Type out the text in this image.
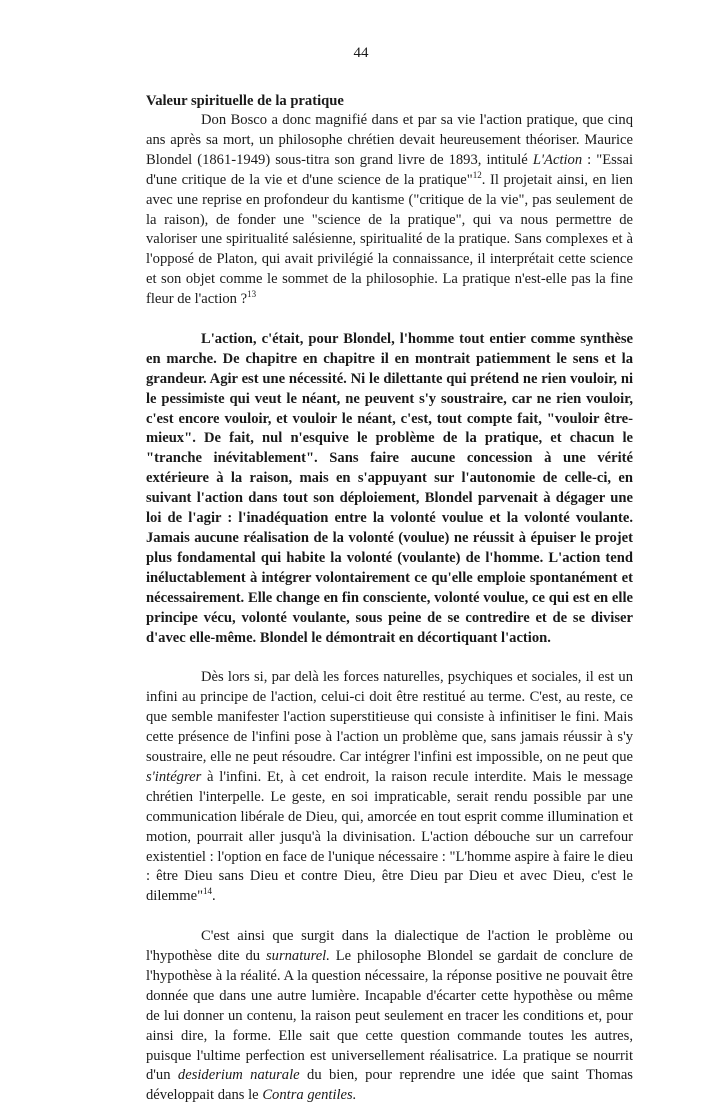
44
Valeur spirituelle de la pratique

Don Bosco a donc magnifié dans et par sa vie l'action pratique, que cinq ans après sa mort, un philosophe chrétien devait heureusement théoriser. Maurice Blondel (1861-1949) sous-titra son grand livre de 1893, intitulé L'Action : "Essai d'une critique de la vie et d'une science de la pratique"$^{12}$. Il projetait ainsi, en lien avec une reprise en profondeur du kantisme ("critique de la vie", pas seulement de la raison), de fonder une "science de la pratique", qui va nous permettre de valoriser une spiritualité salésienne, spiritualité de la pratique. Sans complexes et à l'opposé de Platon, qui avait privilégié la connaissance, il interprétait cette science et son objet comme le sommet de la philosophie. La pratique n'est-elle pas la fine fleur de l'action ?$^{13}$

L'action, c'était, pour Blondel, l'homme tout entier comme synthèse en marche. De chapitre en chapitre il en montrait patiemment le sens et la grandeur. Agir est une nécessité. Ni le dilettante qui prétend ne rien vouloir, ni le pessimiste qui veut le néant, ne peuvent s'y soustraire, car ne rien vouloir, c'est encore vouloir, et vouloir le néant, c'est, tout compte fait, "vouloir être-mieux". De fait, nul n'esquive le problème de la pratique, et chacun le "tranche inévitablement". Sans faire aucune concession à une vérité extérieure à la raison, mais en s'appuyant sur l'autonomie de celle-ci, en suivant l'action dans tout son déploiement, Blondel parvenait à dégager une loi de l'agir : l'inadéquation entre la volonté voulue et la volonté voulante. Jamais aucune réalisation de la volonté (voulue) ne réussit à épuiser le projet plus fondamental qui habite la volonté (voulante) de l'homme. L'action tend inéluctablement à intégrer volontairement ce qu'elle emploie spontanément et nécessairement. Elle change en fin consciente, volonté voulue, ce qui est en elle principe vécu, volonté voulante, sous peine de se contredire et de se diviser d'avec elle-même. Blondel le démontrait en décortiquant l'action.

Dès lors si, par delà les forces naturelles, psychiques et sociales, il est un infini au principe de l'action, celui-ci doit être restitué au terme. C'est, au reste, ce que semble manifester l'action superstitieuse qui consiste à infinitiser le fini. Mais cette présence de l'infini pose à l'action un problème que, sans jamais réussir à s'y soustraire, elle ne peut résoudre. Car intégrer l'infini est impossible, on ne peut que s'intégrer à l'infini. Et, à cet endroit, la raison recule interdite. Mais le message chrétien l'interpelle. Le geste, en soi impraticable, serait rendu possible par une communication libérale de Dieu, qui, amorcée en tout esprit comme illumination et motion, pourrait aller jusqu'à la divinisation. L'action débouche sur un carrefour existentiel : l'option en face de l'unique nécessaire : "L'homme aspire à faire le dieu : être Dieu sans Dieu et contre Dieu, être Dieu par Dieu et avec Dieu, c'est le dilemme"$^{14}$.

C'est ainsi que surgit dans la dialectique de l'action le problème ou l'hypothèse dite du surnaturel. Le philosophe Blondel se gardait de conclure de l'hypothèse à la réalité. A la question nécessaire, la réponse positive ne pouvait être donnée que dans une autre lumière. Incapable d'écarter cette hypothèse ou même de lui donner un contenu, la raison peut seulement en tracer les conditions et, pour ainsi dire, la forme. Elle sait que cette question commande toutes les autres, puisque l'ultime perfection est universellement réalisatrice. La pratique se nourrit d'un desiderium naturale du bien, pour reprendre une idée que saint Thomas développait dans le Contra gentiles.
